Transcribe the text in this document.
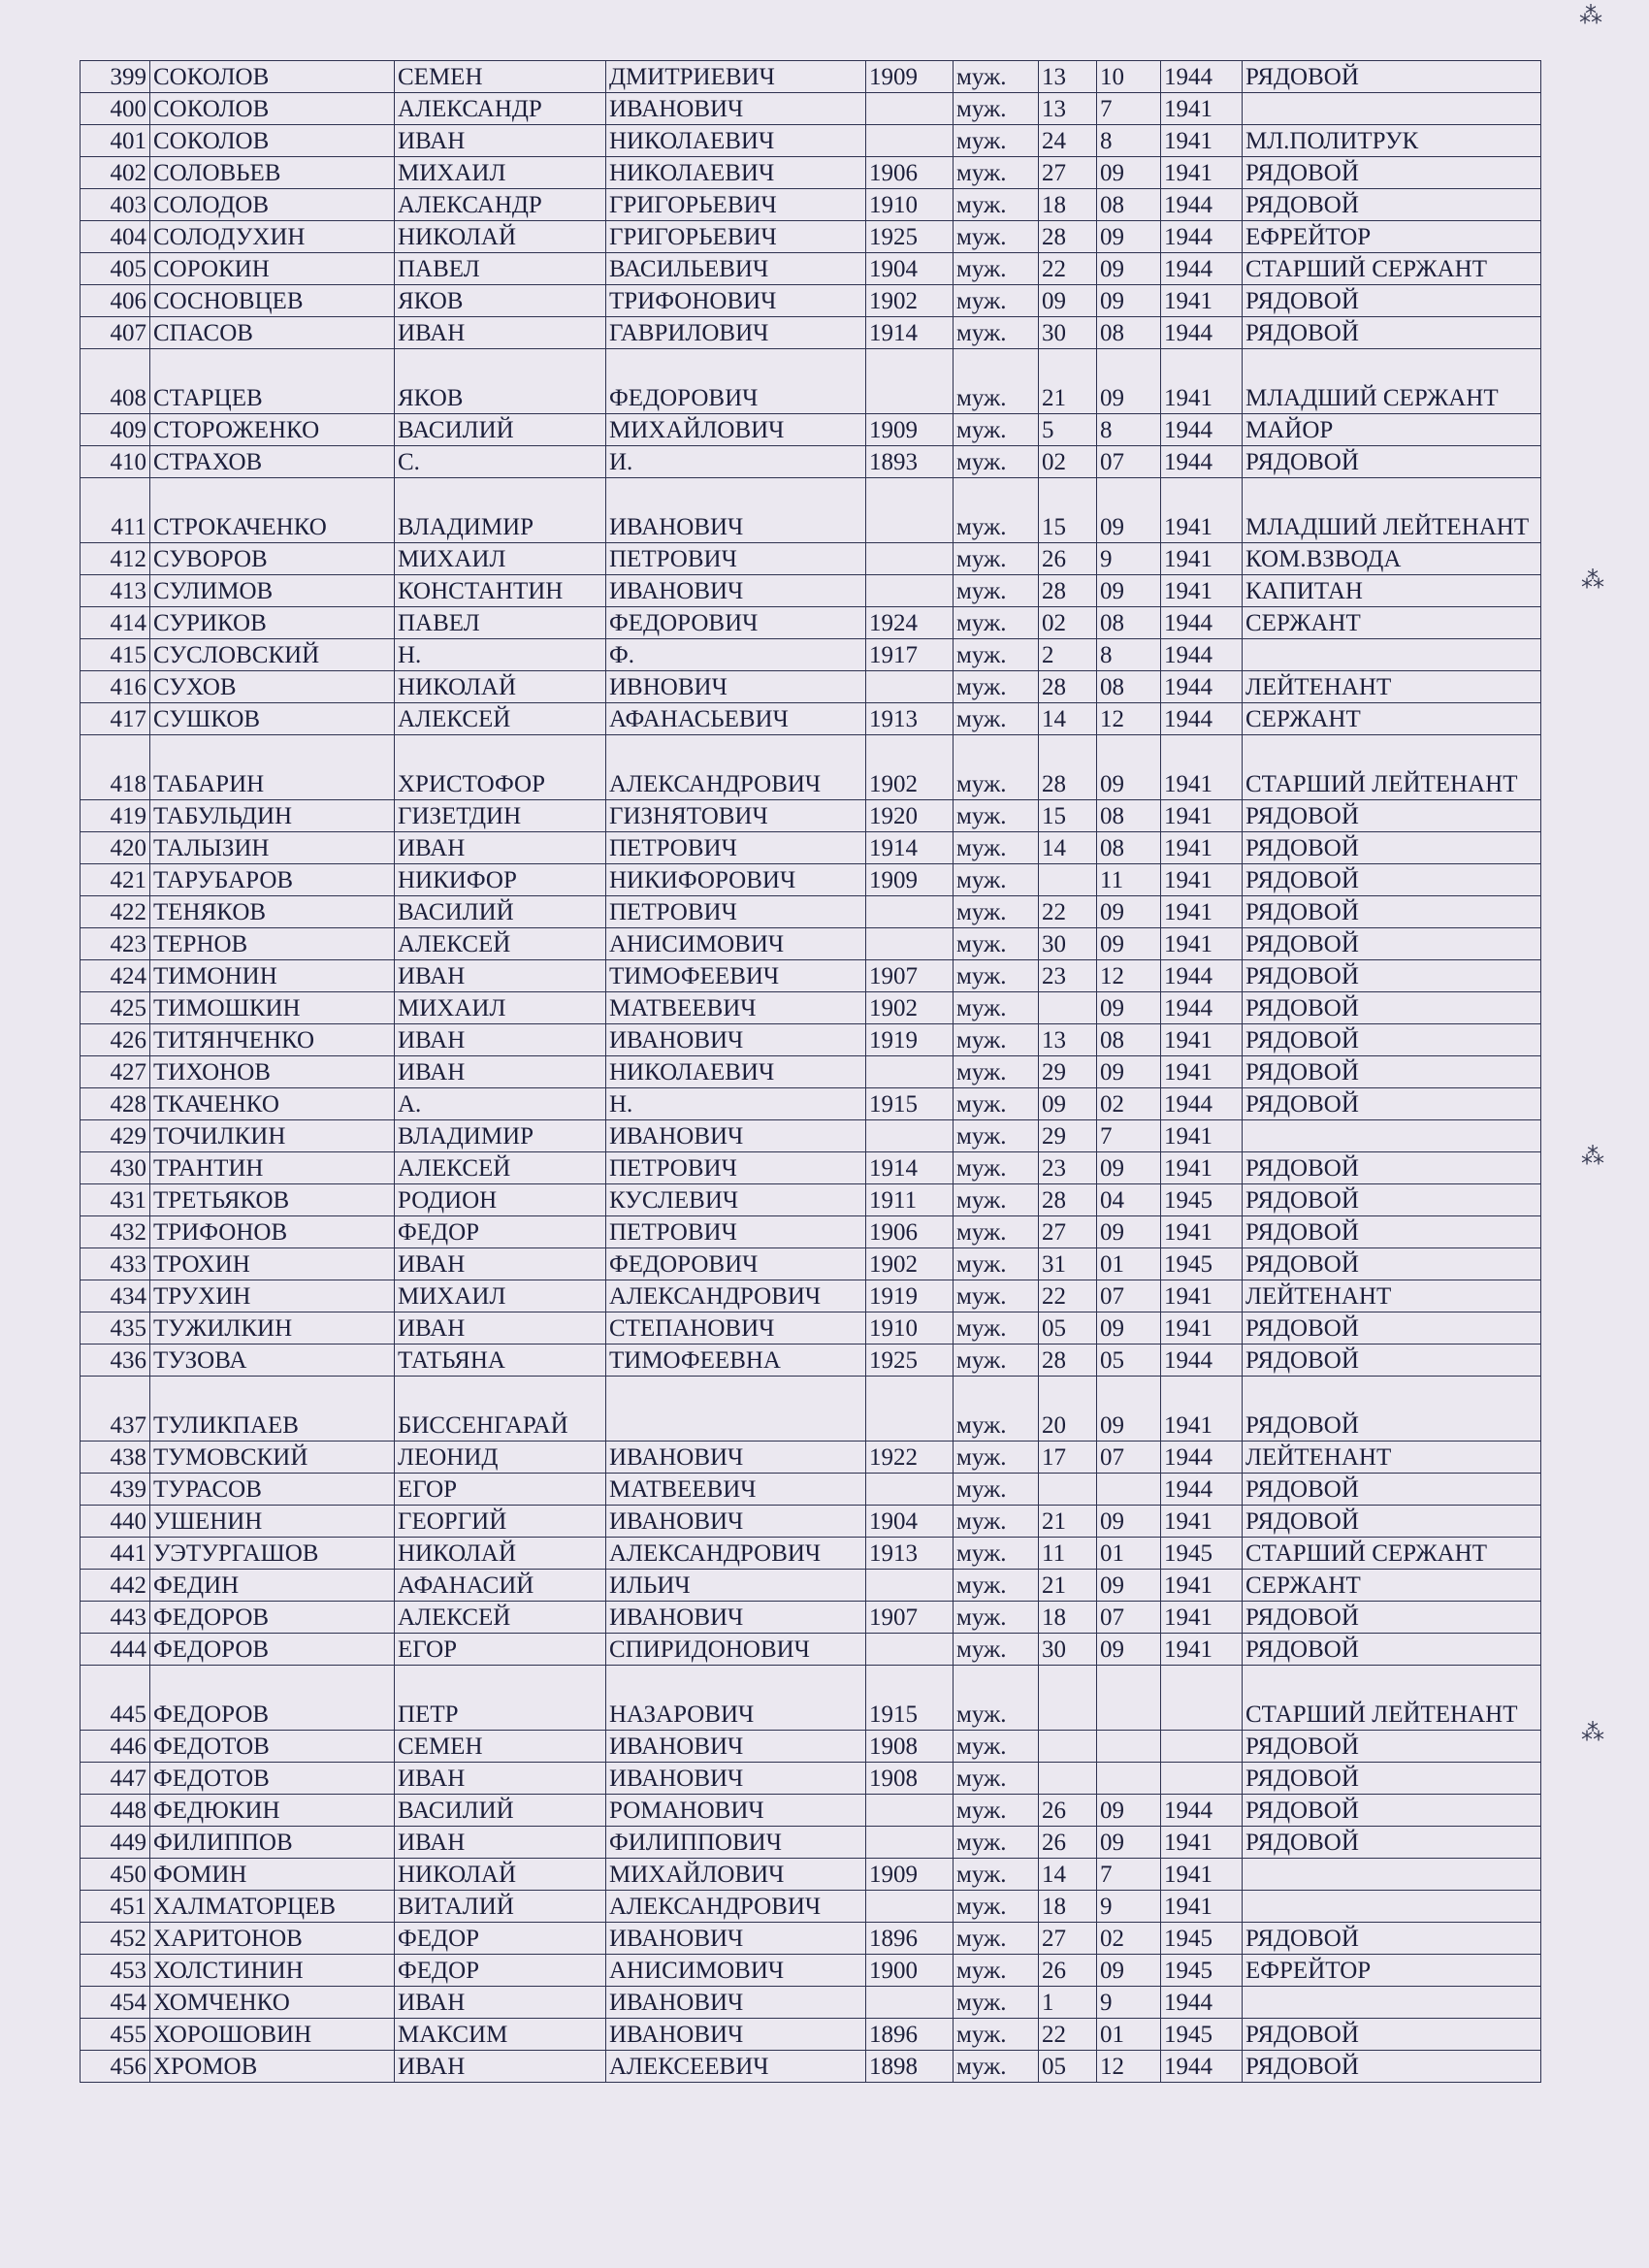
⁂
⁂
⁂
⁂
399	СОКОЛОВ	СЕМЕН	ДМИТРИЕВИЧ	1909	муж.	13	10	1944	РЯДОВОЙ
400	СОКОЛОВ	АЛЕКСАНДР	ИВАНОВИЧ		муж.	13	7	1941	
401	СОКОЛОВ	ИВАН	НИКОЛАЕВИЧ		муж.	24	8	1941	МЛ.ПОЛИТРУК
402	СОЛОВЬЕВ	МИХАИЛ	НИКОЛАЕВИЧ	1906	муж.	27	09	1941	РЯДОВОЙ
403	СОЛОДОВ	АЛЕКСАНДР	ГРИГОРЬЕВИЧ	1910	муж.	18	08	1944	РЯДОВОЙ
404	СОЛОДУХИН	НИКОЛАЙ	ГРИГОРЬЕВИЧ	1925	муж.	28	09	1944	ЕФРЕЙТОР
405	СОРОКИН	ПАВЕЛ	ВАСИЛЬЕВИЧ	1904	муж.	22	09	1944	СТАРШИЙ СЕРЖАНТ
406	СОСНОВЦЕВ	ЯКОВ	ТРИФОНОВИЧ	1902	муж.	09	09	1941	РЯДОВОЙ
407	СПАСОВ	ИВАН	ГАВРИЛОВИЧ	1914	муж.	30	08	1944	РЯДОВОЙ
408	СТАРЦЕВ	ЯКОВ	ФЕДОРОВИЧ		муж.	21	09	1941	МЛАДШИЙ СЕРЖАНТ
409	СТОРОЖЕНКО	ВАСИЛИЙ	МИХАЙЛОВИЧ	1909	муж.	5	8	1944	МАЙОР
410	СТРАХОВ	С.	И.	1893	муж.	02	07	1944	РЯДОВОЙ
411	СТРОКАЧЕНКО	ВЛАДИМИР	ИВАНОВИЧ		муж.	15	09	1941	МЛАДШИЙ ЛЕЙТЕНАНТ
412	СУВОРОВ	МИХАИЛ	ПЕТРОВИЧ		муж.	26	9	1941	КОМ.ВЗВОДА
413	СУЛИМОВ	КОНСТАНТИН	ИВАНОВИЧ		муж.	28	09	1941	КАПИТАН
414	СУРИКОВ	ПАВЕЛ	ФЕДОРОВИЧ	1924	муж.	02	08	1944	СЕРЖАНТ
415	СУСЛОВСКИЙ	Н.	Ф.	1917	муж.	2	8	1944	
416	СУХОВ	НИКОЛАЙ	ИВНОВИЧ		муж.	28	08	1944	ЛЕЙТЕНАНТ
417	СУШКОВ	АЛЕКСЕЙ	АФАНАСЬЕВИЧ	1913	муж.	14	12	1944	СЕРЖАНТ
418	ТАБАРИН	ХРИСТОФОР	АЛЕКСАНДРОВИЧ	1902	муж.	28	09	1941	СТАРШИЙ ЛЕЙТЕНАНТ
419	ТАБУЛЬДИН	ГИЗЕТДИН	ГИЗНЯТОВИЧ	1920	муж.	15	08	1941	РЯДОВОЙ
420	ТАЛЫЗИН	ИВАН	ПЕТРОВИЧ	1914	муж.	14	08	1941	РЯДОВОЙ
421	ТАРУБАРОВ	НИКИФОР	НИКИФОРОВИЧ	1909	муж.		11	1941	РЯДОВОЙ
422	ТЕНЯКОВ	ВАСИЛИЙ	ПЕТРОВИЧ		муж.	22	09	1941	РЯДОВОЙ
423	ТЕРНОВ	АЛЕКСЕЙ	АНИСИМОВИЧ		муж.	30	09	1941	РЯДОВОЙ
424	ТИМОНИН	ИВАН	ТИМОФЕЕВИЧ	1907	муж.	23	12	1944	РЯДОВОЙ
425	ТИМОШКИН	МИХАИЛ	МАТВЕЕВИЧ	1902	муж.		09	1944	РЯДОВОЙ
426	ТИТЯНЧЕНКО	ИВАН	ИВАНОВИЧ	1919	муж.	13	08	1941	РЯДОВОЙ
427	ТИХОНОВ	ИВАН	НИКОЛАЕВИЧ		муж.	29	09	1941	РЯДОВОЙ
428	ТКАЧЕНКО	А.	Н.	1915	муж.	09	02	1944	РЯДОВОЙ
429	ТОЧИЛКИН	ВЛАДИМИР	ИВАНОВИЧ		муж.	29	7	1941	
430	ТРАНТИН	АЛЕКСЕЙ	ПЕТРОВИЧ	1914	муж.	23	09	1941	РЯДОВОЙ
431	ТРЕТЬЯКОВ	РОДИОН	КУСЛЕВИЧ	1911	муж.	28	04	1945	РЯДОВОЙ
432	ТРИФОНОВ	ФЕДОР	ПЕТРОВИЧ	1906	муж.	27	09	1941	РЯДОВОЙ
433	ТРОХИН	ИВАН	ФЕДОРОВИЧ	1902	муж.	31	01	1945	РЯДОВОЙ
434	ТРУХИН	МИХАИЛ	АЛЕКСАНДРОВИЧ	1919	муж.	22	07	1941	ЛЕЙТЕНАНТ
435	ТУЖИЛКИН	ИВАН	СТЕПАНОВИЧ	1910	муж.	05	09	1941	РЯДОВОЙ
436	ТУЗОВА	ТАТЬЯНА	ТИМОФЕЕВНА	1925	муж.	28	05	1944	РЯДОВОЙ
437	ТУЛИКПАЕВ	БИССЕНГАРАЙ			муж.	20	09	1941	РЯДОВОЙ
438	ТУМОВСКИЙ	ЛЕОНИД	ИВАНОВИЧ	1922	муж.	17	07	1944	ЛЕЙТЕНАНТ
439	ТУРАСОВ	ЕГОР	МАТВЕЕВИЧ		муж.			1944	РЯДОВОЙ
440	УШЕНИН	ГЕОРГИЙ	ИВАНОВИЧ	1904	муж.	21	09	1941	РЯДОВОЙ
441	УЭТУРГАШОВ	НИКОЛАЙ	АЛЕКСАНДРОВИЧ	1913	муж.	11	01	1945	СТАРШИЙ СЕРЖАНТ
442	ФЕДИН	АФАНАСИЙ	ИЛЬИЧ		муж.	21	09	1941	СЕРЖАНТ
443	ФЕДОРОВ	АЛЕКСЕЙ	ИВАНОВИЧ	1907	муж.	18	07	1941	РЯДОВОЙ
444	ФЕДОРОВ	ЕГОР	СПИРИДОНОВИЧ		муж.	30	09	1941	РЯДОВОЙ
445	ФЕДОРОВ	ПЕТР	НАЗАРОВИЧ	1915	муж.				СТАРШИЙ ЛЕЙТЕНАНТ
446	ФЕДОТОВ	СЕМЕН	ИВАНОВИЧ	1908	муж.				РЯДОВОЙ
447	ФЕДОТОВ	ИВАН	ИВАНОВИЧ	1908	муж.				РЯДОВОЙ
448	ФЕДЮКИН	ВАСИЛИЙ	РОМАНОВИЧ		муж.	26	09	1944	РЯДОВОЙ
449	ФИЛИППОВ	ИВАН	ФИЛИППОВИЧ		муж.	26	09	1941	РЯДОВОЙ
450	ФОМИН	НИКОЛАЙ	МИХАЙЛОВИЧ	1909	муж.	14	7	1941	
451	ХАЛМАТОРЦЕВ	ВИТАЛИЙ	АЛЕКСАНДРОВИЧ		муж.	18	9	1941	
452	ХАРИТОНОВ	ФЕДОР	ИВАНОВИЧ	1896	муж.	27	02	1945	РЯДОВОЙ
453	ХОЛСТИНИН	ФЕДОР	АНИСИМОВИЧ	1900	муж.	26	09	1945	ЕФРЕЙТОР
454	ХОМЧЕНКО	ИВАН	ИВАНОВИЧ		муж.	1	9	1944	
455	ХОРОШОВИН	МАКСИМ	ИВАНОВИЧ	1896	муж.	22	01	1945	РЯДОВОЙ
456	ХРОМОВ	ИВАН	АЛЕКСЕЕВИЧ	1898	муж.	05	12	1944	РЯДОВОЙ
